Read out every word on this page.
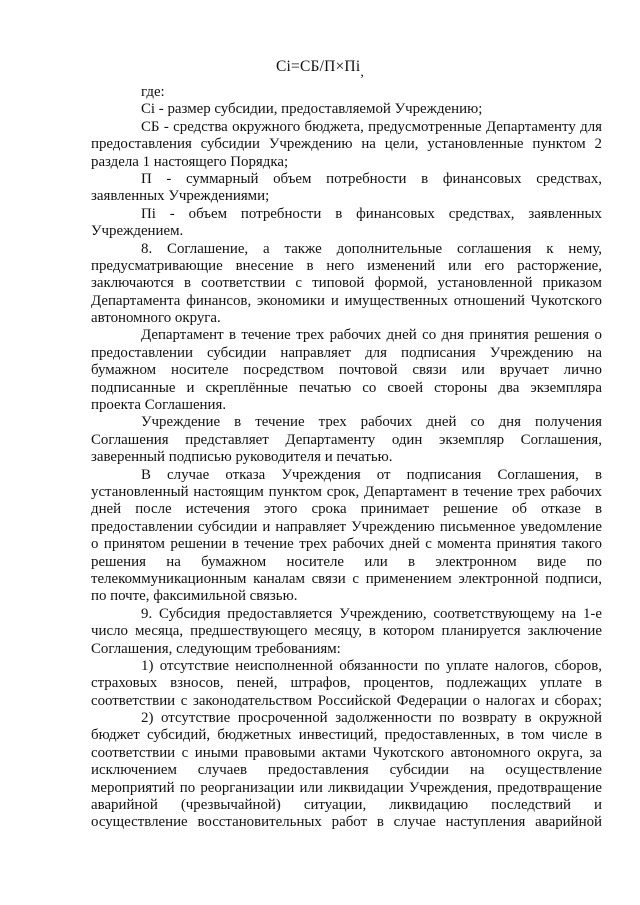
Ci=СБ/П×Пi,
где:
Ci - размер субсидии, предоставляемой Учреждению;
СБ - средства окружного бюджета, предусмотренные Департаменту для
предоставления субсидии Учреждению на цели, установленные пунктом 2
раздела 1 настоящего Порядка;
П - суммарный объем потребности в финансовых средствах,
заявленных Учреждениями;
Пi - объем потребности в финансовых средствах, заявленных
Учреждением.
8. Соглашение, а также дополнительные соглашения к нему,
предусматривающие внесение в него изменений или его расторжение,
заключаются в соответствии с типовой формой, установленной приказом
Департамента финансов, экономики и имущественных отношений Чукотского
автономного округа.
Департамент в течение трех рабочих дней со дня принятия решения о
предоставлении субсидии направляет для подписания Учреждению на
бумажном носителе посредством почтовой связи или вручает лично
подписанные и скреплённые печатью со своей стороны два экземпляра
проекта Соглашения.
Учреждение в течение трех рабочих дней со дня получения
Соглашения представляет Департаменту один экземпляр Соглашения,
заверенный подписью руководителя и печатью.
В случае отказа Учреждения от подписания Соглашения, в
установленный настоящим пунктом срок, Департамент в течение трех рабочих
дней после истечения этого срока принимает решение об отказе в
предоставлении субсидии и направляет Учреждению письменное уведомление
о принятом решении в течение трех рабочих дней с момента принятия такого
решения на бумажном носителе или в электронном виде по
телекоммуникационным каналам связи с применением электронной подписи,
по почте, факсимильной связью.
9. Субсидия предоставляется Учреждению, соответствующему на 1-е
число месяца, предшествующего месяцу, в котором планируется заключение
Соглашения, следующим требованиям:
1) отсутствие неисполненной обязанности по уплате налогов, сборов,
страховых взносов, пеней, штрафов, процентов, подлежащих уплате в
соответствии с законодательством Российской Федерации о налогах и сборах;
2) отсутствие просроченной задолженности по возврату в окружной
бюджет субсидий, бюджетных инвестиций, предоставленных, в том числе в
соответствии с иными правовыми актами Чукотского автономного округа, за
исключением случаев предоставления субсидии на осуществление
мероприятий по реорганизации или ликвидации Учреждения, предотвращение
аварийной (чрезвычайной) ситуации, ликвидацию последствий и
осуществление восстановительных работ в случае наступления аварийной
